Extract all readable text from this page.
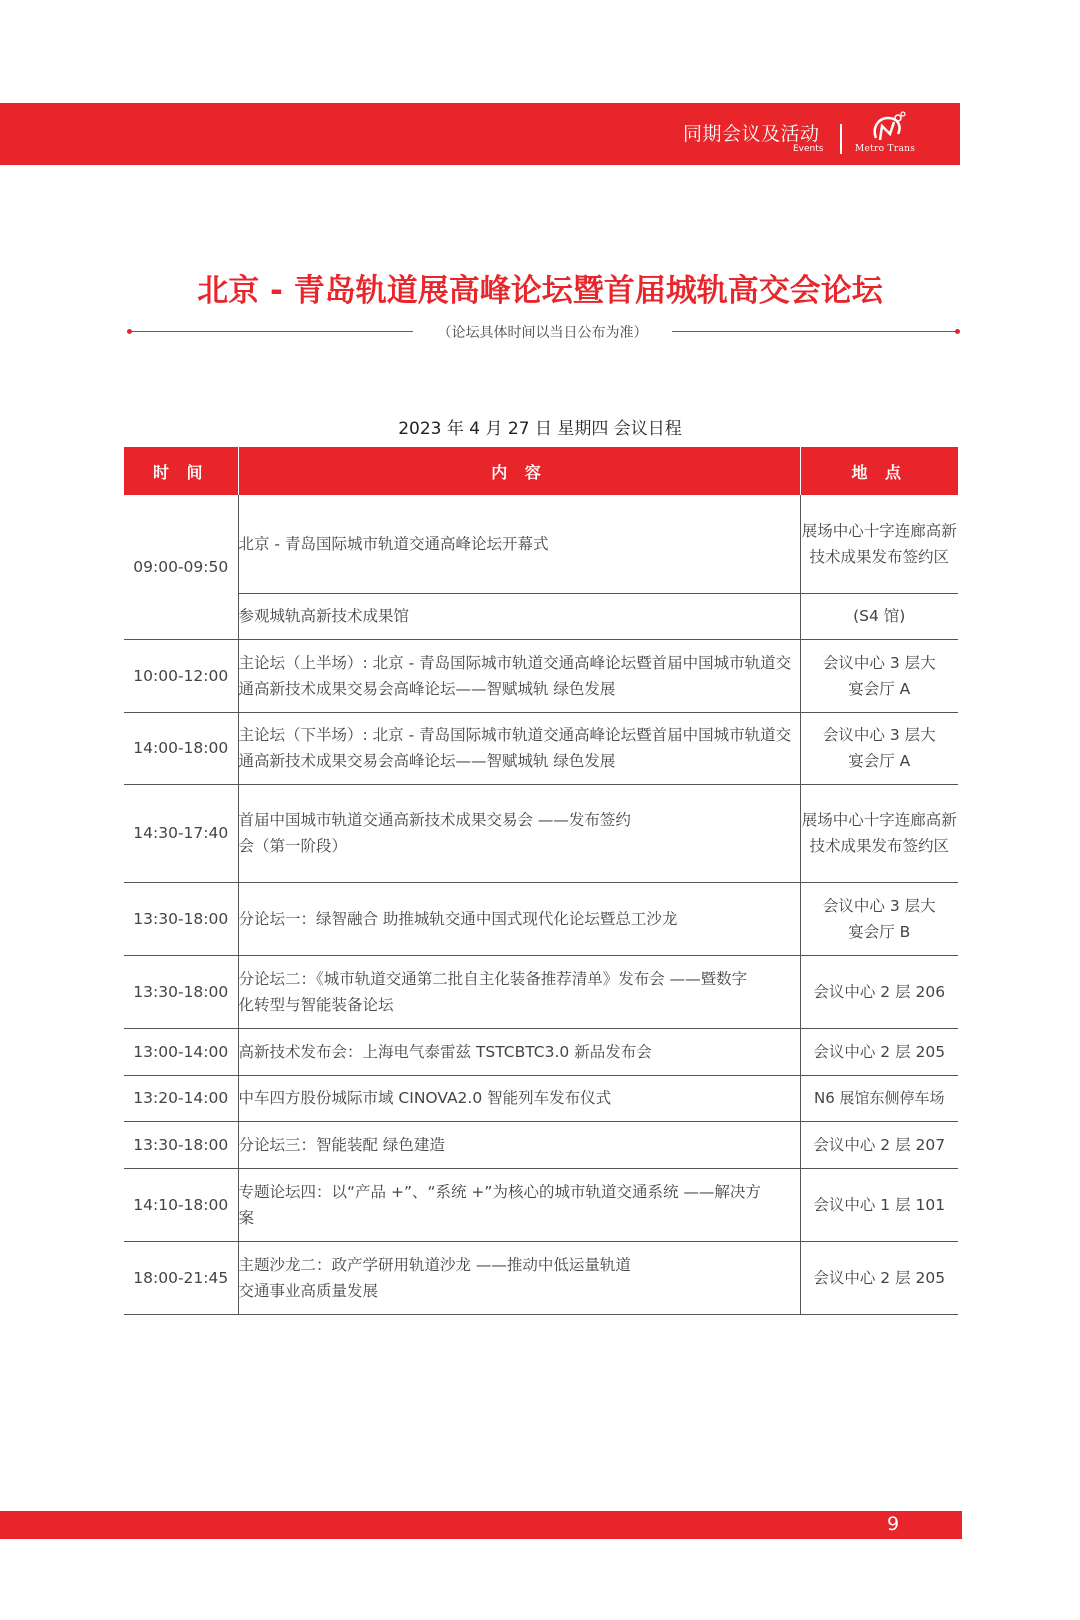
同期会议及活动
Events	Metro Trans
北京 - 青岛轨道展高峰论坛暨首届城轨高交会论坛
（论坛具体时间以当日公布为准）
2023 年 4 月 27 日 星期四 会议日程
时 间	内 容	地 点
09:00-09:50	北京 - 青岛国际城市轨道交通高峰论坛开幕式	展场中心十字连廊高新技术成果发布签约区
	参观城轨高新技术成果馆	(S4 馆)
10:00-12:00	主论坛（上半场）: 北京 - 青岛国际城市轨道交通高峰论坛暨首届中国城市轨道交通高新技术成果交易会高峰论坛——智赋城轨 绿色发展	会议中心 3 层大宴会厅 A
14:00-18:00	主论坛（下半场）: 北京 - 青岛国际城市轨道交通高峰论坛暨首届中国城市轨道交通高新技术成果交易会高峰论坛——智赋城轨 绿色发展	会议中心 3 层大宴会厅 A
14:30-17:40	首届中国城市轨道交通高新技术成果交易会 ——发布签约会（第一阶段）	展场中心十字连廊高新技术成果发布签约区
13:30-18:00	分论坛一：绿智融合 助推城轨交通中国式现代化论坛暨总工沙龙	会议中心 3 层大宴会厅 B
13:30-18:00	分论坛二：《城市轨道交通第二批自主化装备推荐清单》发布会 ——暨数字化转型与智能装备论坛	会议中心 2 层 206
13:00-14:00	高新技术发布会：上海电气泰雷兹 TSTCBTC3.0 新品发布会	会议中心 2 层 205
13:20-14:00	中车四方股份城际市域 CINOVA2.0 智能列车发布仪式	N6 展馆东侧停车场
13:30-18:00	分论坛三：智能装配 绿色建造	会议中心 2 层 207
14:10-18:00	专题论坛四：以“产品 +”、“系统 +”为核心的城市轨道交通系统 ——解决方案	会议中心 1 层 101
18:00-21:45	主题沙龙二：政产学研用轨道沙龙 ——推动中低运量轨道交通事业高质量发展	会议中心 2 层 205
9
